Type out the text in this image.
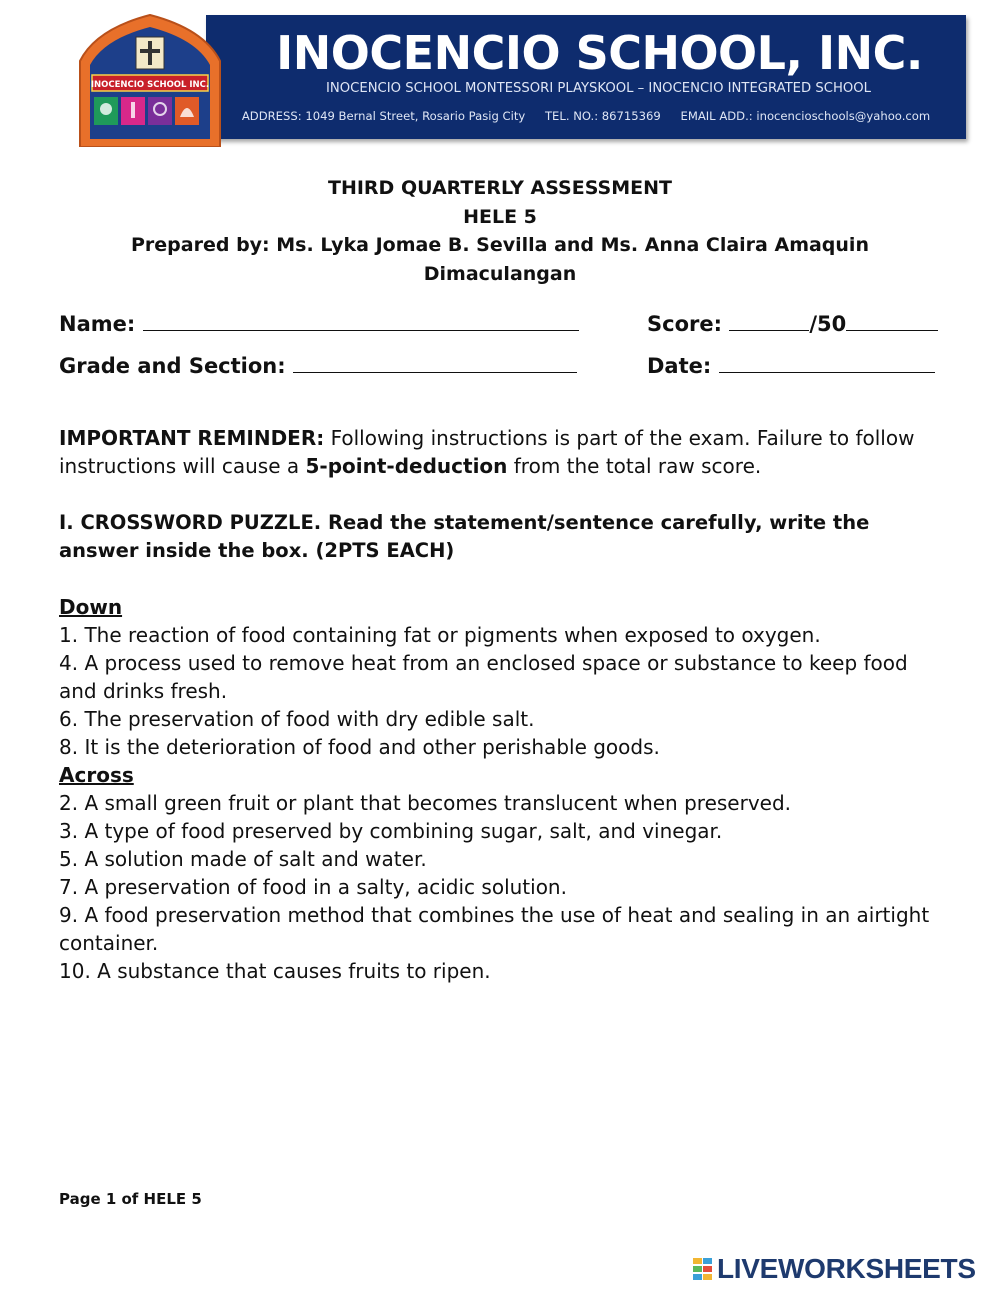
INOCENCIO SCHOOL, INC.
INOCENCIO SCHOOL MONTESSORI PLAYSKOOL – INOCENCIO INTEGRATED SCHOOL
ADDRESS: 1049 Bernal Street, Rosario Pasig City TEL. NO.: 86715369 EMAIL ADD.: inocencioschools@yahoo.com
INOCENCIO SCHOOL INC.
THIRD QUARTERLY ASSESSMENT
HELE 5
Prepared by: Ms. Lyka Jomae B. Sevilla and Ms. Anna Claira Amaquin
Dimaculangan
Name:	Score:	/50
Grade and Section:	Date:
IMPORTANT REMINDER: Following instructions is part of the exam. Failure to follow instructions will cause a 5-point-deduction from the total raw score.
I. CROSSWORD PUZZLE. Read the statement/sentence carefully, write the answer inside the box. (2PTS EACH)
Down
1. The reaction of food containing fat or pigments when exposed to oxygen.
4. A process used to remove heat from an enclosed space or substance to keep food and drinks fresh.
6. The preservation of food with dry edible salt.
8. It is the deterioration of food and other perishable goods.
Across
2. A small green fruit or plant that becomes translucent when preserved.
3. A type of food preserved by combining sugar, salt, and vinegar.
5. A solution made of salt and water.
7. A preservation of food in a salty, acidic solution.
9. A food preservation method that combines the use of heat and sealing in an airtight container.
10. A substance that causes fruits to ripen.
Page 1 of HELE 5
LIVEWORKSHEETS
